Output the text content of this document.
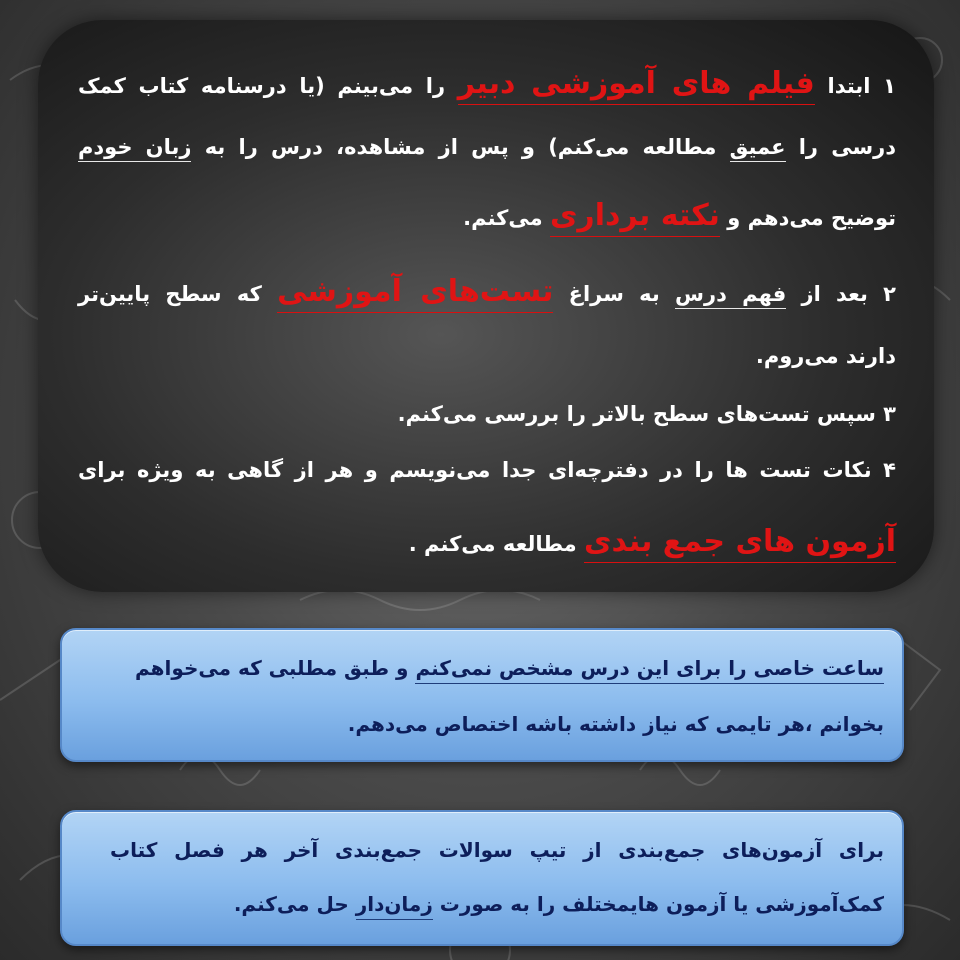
۱ ابتدا فیلم های آموزشی دبیر را می‌بینم (یا درسنامه کتاب کمک
درسی را عمیق مطالعه می‌کنم) و پس از مشاهده، درس را به زبان خودم
توضیح می‌دهم و نکته برداری می‌کنم.
۲ بعد از فهم درس به سراغ تست‌های آموزشی که سطح پایین‌تر
دارند می‌روم.
۳ سپس تست‌های سطح بالاتر را بررسی می‌کنم.
۴ نکات تست ها را در دفترچه‌ای جدا می‌نویسم و هر از گاهی به ویژه برای
آزمون های جمع بندی مطالعه می‌کنم .
ساعت خاصی را برای این درس مشخص نمی‌کنم و طبق مطلبی که می‌خواهم
بخوانم ،هر تایمی که نیاز داشته باشه اختصاص می‌دهم.
برای آزمون‌های جمع‌بندی از تیپ سوالات جمع‌بندی آخر هر فصل کتاب
کمک‌آموزشی یا آزمون هایمختلف را به صورت زمان‌دار حل می‌کنم.
